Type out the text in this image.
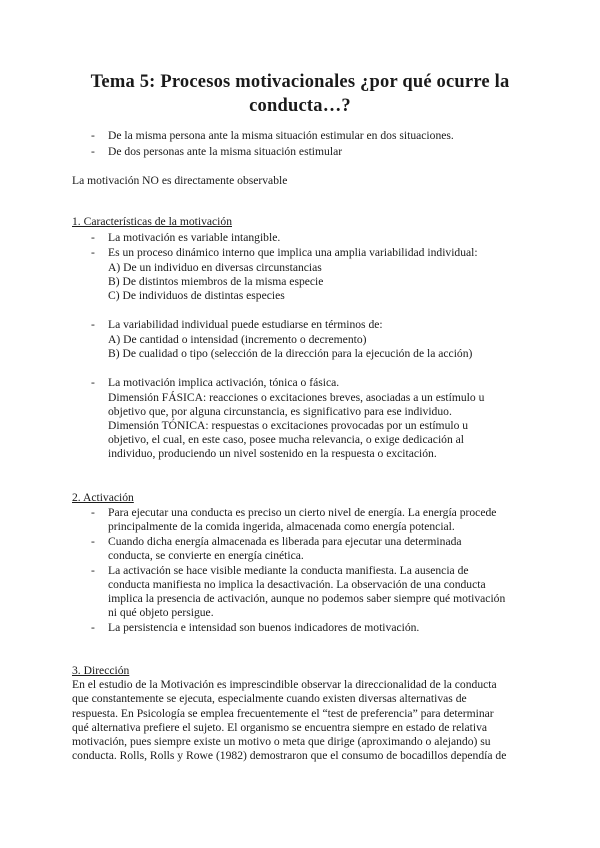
Tema 5: Procesos motivacionales ¿por qué ocurre la
conducta…?
- De la misma persona ante la misma situación estimular en dos situaciones.
- De dos personas ante la misma situación estimular
La motivación NO es directamente observable
1. Características de la motivación
- La motivación es variable intangible.
- Es un proceso dinámico interno que implica una amplia variabilidad individual:
A) De un individuo en diversas circunstancias
B) De distintos miembros de la misma especie
C) De individuos de distintas especies
- La variabilidad individual puede estudiarse en términos de:
A) De cantidad o intensidad (incremento o decremento)
B) De cualidad o tipo (selección de la dirección para la ejecución de la acción)
- La motivación implica activación, tónica o fásica.
Dimensión FÁSICA: reacciones o excitaciones breves, asociadas a un estímulo u
objetivo que, por alguna circunstancia, es significativo para ese individuo.
Dimensión TÓNICA: respuestas o excitaciones provocadas por un estímulo u
objetivo, el cual, en este caso, posee mucha relevancia, o exige dedicación al
individuo, produciendo un nivel sostenido en la respuesta o excitación.
2. Activación
- Para ejecutar una conducta es preciso un cierto nivel de energía. La energía procede
principalmente de la comida ingerida, almacenada como energía potencial.
- Cuando dicha energía almacenada es liberada para ejecutar una determinada
conducta, se convierte en energía cinética.
- La activación se hace visible mediante la conducta manifiesta. La ausencia de
conducta manifiesta no implica la desactivación. La observación de una conducta
implica la presencia de activación, aunque no podemos saber siempre qué motivación
ni qué objeto persigue.
- La persistencia e intensidad son buenos indicadores de motivación.
3. Dirección
En el estudio de la Motivación es imprescindible observar la direccionalidad de la conducta
que constantemente se ejecuta, especialmente cuando existen diversas alternativas de
respuesta. En Psicología se emplea frecuentemente el “test de preferencia” para determinar
qué alternativa prefiere el sujeto. El organismo se encuentra siempre en estado de relativa
motivación, pues siempre existe un motivo o meta que dirige (aproximando o alejando) su
conducta. Rolls, Rolls y Rowe (1982) demostraron que el consumo de bocadillos dependía de
